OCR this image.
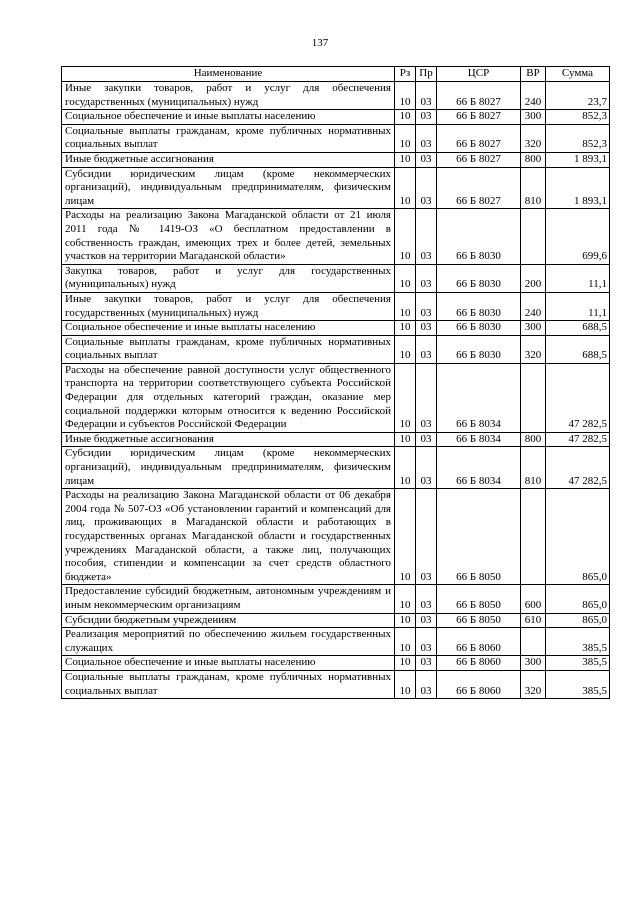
137
Наименование	Рз	Пр	ЦСР	ВР	Сумма
Иные закупки товаров, работ и услуг для обеспечения государственных (муниципальных) нужд	10	03	66 Б 8027	240	23,7
Социальное обеспечение и иные выплаты населению	10	03	66 Б 8027	300	852,3
Социальные выплаты гражданам, кроме публичных нормативных социальных выплат	10	03	66 Б 8027	320	852,3
Иные бюджетные ассигнования	10	03	66 Б 8027	800	1 893,1
Субсидии юридическим лицам (кроме некоммерческих организаций), индивидуальным предпринимателям, физическим лицам	10	03	66 Б 8027	810	1 893,1
Расходы на реализацию Закона Магаданской области от 21 июля 2011 года № 1419-ОЗ «О бесплатном предоставлении в собственность граждан, имеющих трех и более детей, земельных участков на территории Магаданской области»	10	03	66 Б 8030		699,6
Закупка товаров, работ и услуг для государственных (муниципальных) нужд	10	03	66 Б 8030	200	11,1
Иные закупки товаров, работ и услуг для обеспечения государственных (муниципальных) нужд	10	03	66 Б 8030	240	11,1
Социальное обеспечение и иные выплаты населению	10	03	66 Б 8030	300	688,5
Социальные выплаты гражданам, кроме публичных нормативных социальных выплат	10	03	66 Б 8030	320	688,5
Расходы на обеспечение равной доступности услуг общественного транспорта на территории соответствующего субъекта Российской Федерации для отдельных категорий граждан, оказание мер социальной поддержки которым относится к ведению Российской Федерации и субъектов Российской Федерации	10	03	66 Б 8034		47 282,5
Иные бюджетные ассигнования	10	03	66 Б 8034	800	47 282,5
Субсидии юридическим лицам (кроме некоммерческих организаций), индивидуальным предпринимателям, физическим лицам	10	03	66 Б 8034	810	47 282,5
Расходы на реализацию Закона Магаданской области от 06 декабря 2004 года № 507-ОЗ «Об установлении гарантий и компенсаций для лиц, проживающих в Магаданской области и работающих в государственных органах Магаданской области и государственных учреждениях Магаданской области, а также лиц, получающих пособия, стипендии и компенсации за счет средств областного бюджета»	10	03	66 Б 8050		865,0
Предоставление субсидий бюджетным, автономным учреждениям и иным некоммерческим организациям	10	03	66 Б 8050	600	865,0
Субсидии бюджетным учреждениям	10	03	66 Б 8050	610	865,0
Реализация мероприятий по обеспечению жильем государственных служащих	10	03	66 Б 8060		385,5
Социальное обеспечение и иные выплаты населению	10	03	66 Б 8060	300	385,5
Социальные выплаты гражданам, кроме публичных нормативных социальных выплат	10	03	66 Б 8060	320	385,5
